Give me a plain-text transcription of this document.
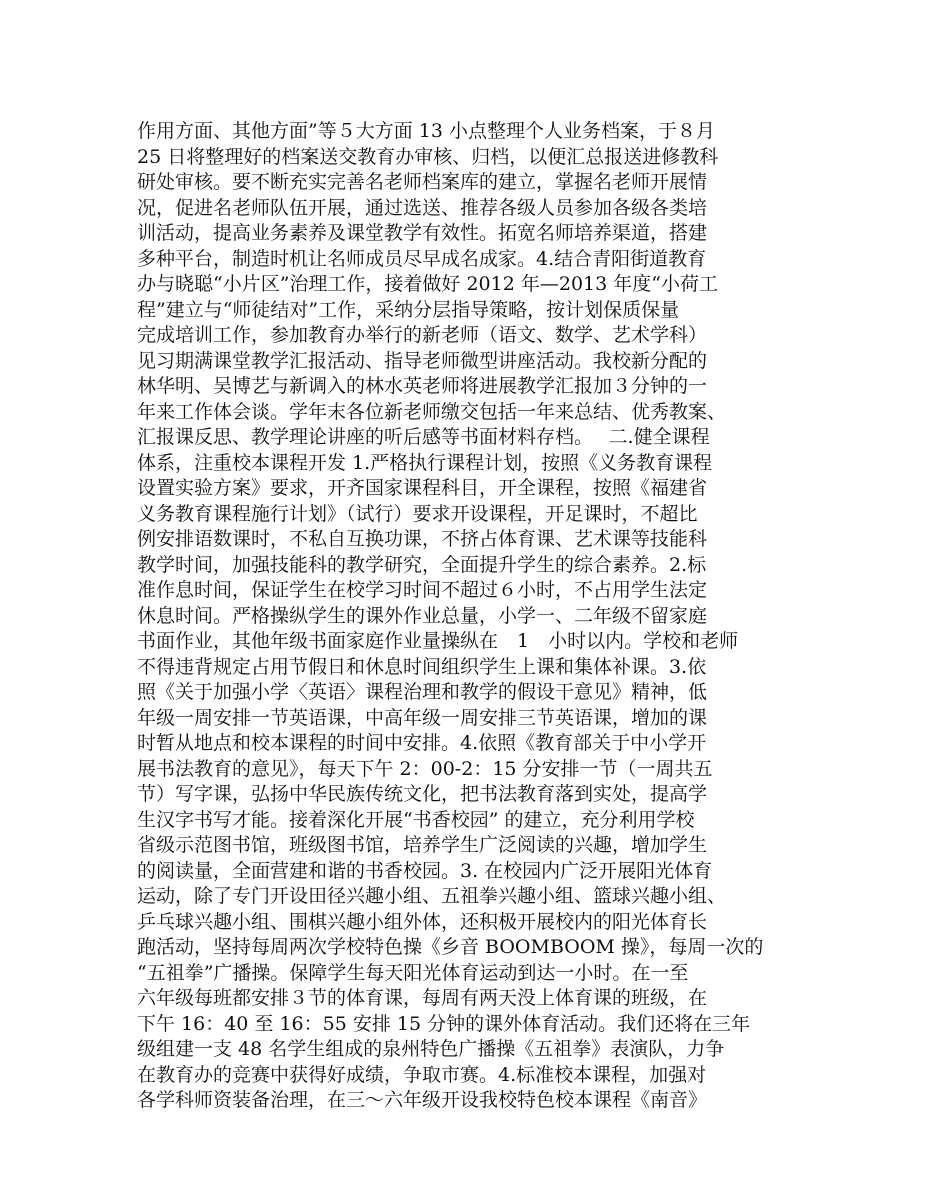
作用方面、其他方面”等５大方面 13 小点整理个人业务档案，于８月
25 日将整理好的档案送交教育办审核、归档，以便汇总报送进修教科
研处审核。要不断充实完善名老师档案库的建立，掌握名老师开展情
况，促进名老师队伍开展，通过选送、推荐各级人员参加各级各类培
训活动，提高业务素养及课堂教学有效性。拓宽名师培养渠道，搭建
多种平台，制造时机让名师成员尽早成名成家。4.结合青阳街道教育
办与晓聪“小片区”治理工作，接着做好 2012 年—2013 年度“小荷工
程”建立与“师徒结对”工作，采纳分层指导策略，按计划保质保量
完成培训工作，参加教育办举行的新老师（语文、数学、艺术学科）
见习期满课堂教学汇报活动、指导老师微型讲座活动。我校新分配的
林华明、吴博艺与新调入的林水英老师将进展教学汇报加３分钟的一
年来工作体会谈。学年末各位新老师缴交包括一年来总结、优秀教案、
汇报课反思、教学理论讲座的听后感等书面材料存档。　 二.健全课程
体系，注重校本课程开发 1.严格执行课程计划，按照《义务教育课程
设置实验方案》要求，开齐国家课程科目，开全课程，按照《福建省
义务教育课程施行计划》（试行）要求开设课程，开足课时，不超比
例安排语数课时，不私自互换功课，不挤占体育课、艺术课等技能科
教学时间，加强技能科的教学研究，全面提升学生的综合素养。2.标
准作息时间，保证学生在校学习时间不超过６小时，不占用学生法定
休息时间。严格操纵学生的课外作业总量，小学一、二年级不留家庭
书面作业，其他年级书面家庭作业量操纵在　1　小时以内。学校和老师
不得违背规定占用节假日和休息时间组织学生上课和集体补课。3.依
照《关于加强小学〈英语〉课程治理和教学的假设干意见》精神，低
年级一周安排一节英语课，中高年级一周安排三节英语课，增加的课
时暂从地点和校本课程的时间中安排。4.依照《教育部关于中小学开
展书法教育的意见》，每天下午 2：00-2：15 分安排一节（一周共五
节）写字课，弘扬中华民族传统文化，把书法教育落到实处，提高学
生汉字书写才能。接着深化开展“书香校园” 的建立，充分利用学校
省级示范图书馆，班级图书馆，培养学生广泛阅读的兴趣，增加学生
的阅读量，全面营建和谐的书香校园。3. 在校园内广泛开展阳光体育
运动，除了专门开设田径兴趣小组、五祖拳兴趣小组、篮球兴趣小组、
乒乓球兴趣小组、围棋兴趣小组外体，还积极开展校内的阳光体育长
跑活动，坚持每周两次学校特色操《乡音 BOOMBOOM 操》，每周一次的
“五祖拳”广播操。保障学生每天阳光体育运动到达一小时。在一至
六年级每班都安排３节的体育课，每周有两天没上体育课的班级，在
下午 16：40 至 16：55 安排 15 分钟的课外体育活动。我们还将在三年
级组建一支 48 名学生组成的泉州特色广播操《五祖拳》表演队，力争
在教育办的竞赛中获得好成绩，争取市赛。4.标准校本课程，加强对
各学科师资装备治理，在三～六年级开设我校特色校本课程《南音》
